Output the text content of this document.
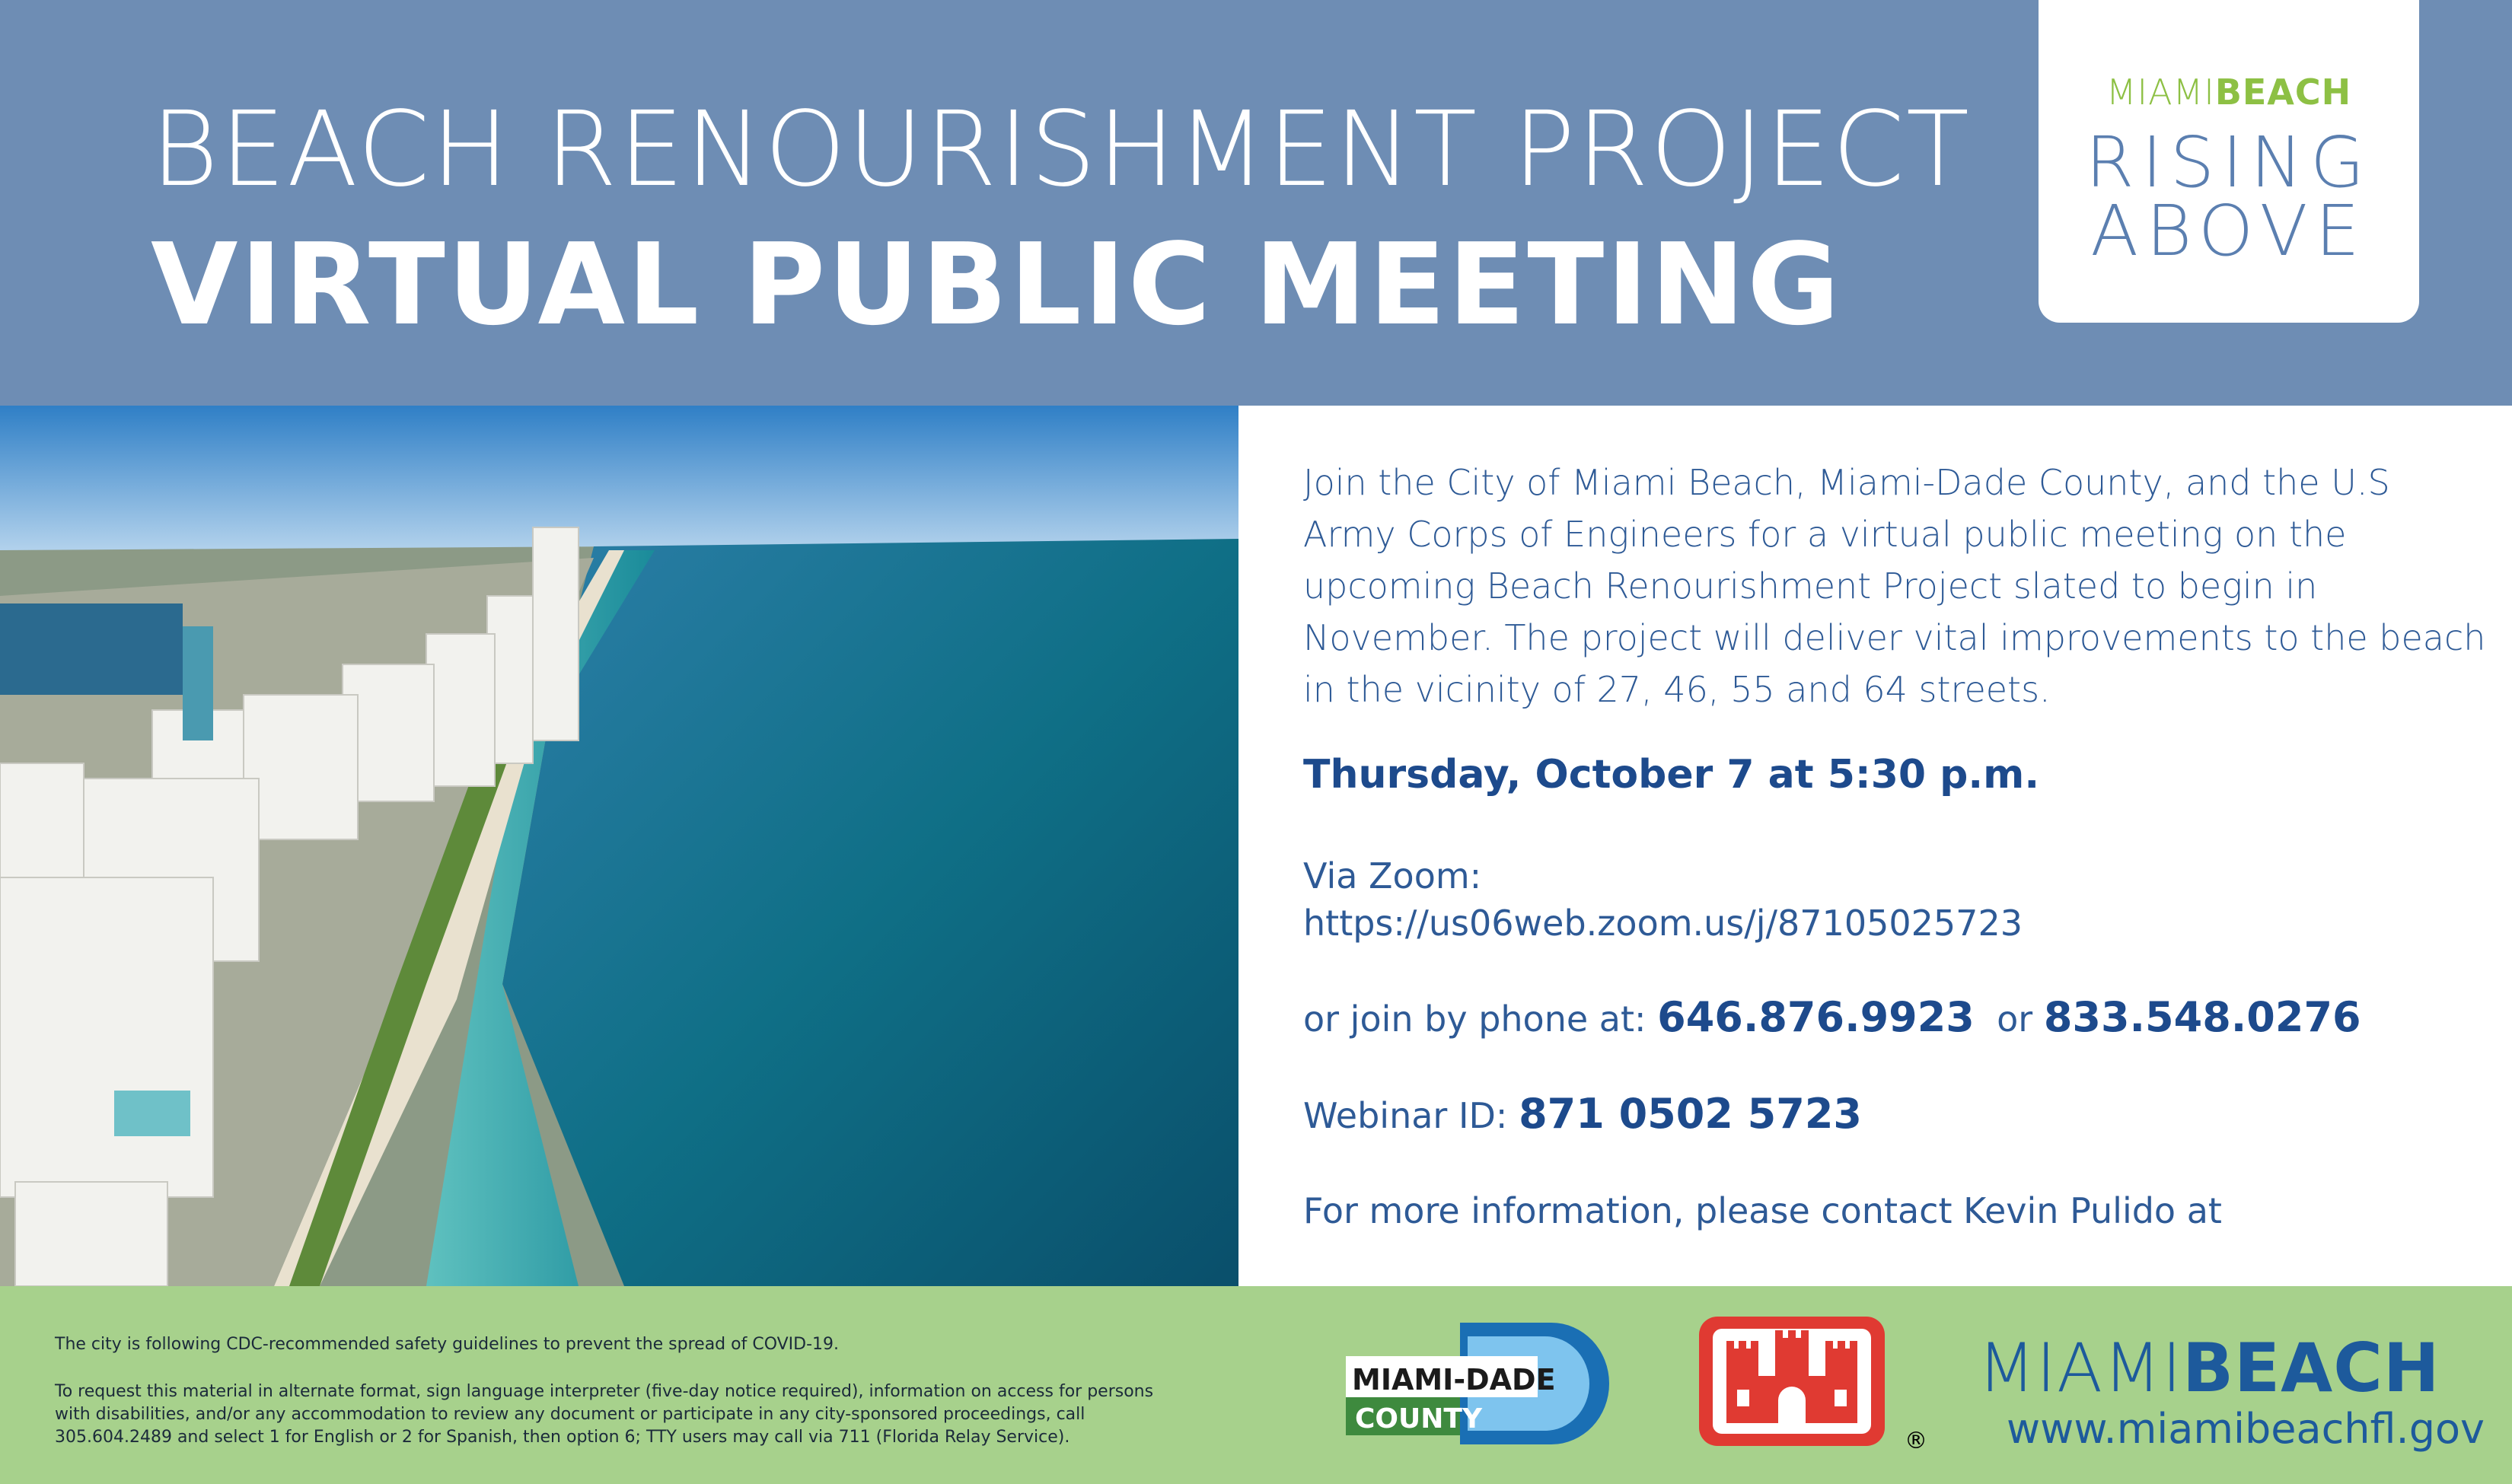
BEACH RENOURISHMENT PROJECT
VIRTUAL PUBLIC MEETING
MIAMIBEACH
RISING
ABOVE

Join the City of Miami Beach, Miami-Dade County, and the U.S Army Corps of Engineers for a virtual public meeting on the upcoming Beach Renourishment Project slated to begin in November. The project will deliver vital improvements to the beach in the vicinity of 27, 46, 55 and 64 streets.

Thursday, October 7 at 5:30 p.m.
Via Zoom:
https://us06web.zoom.us/j/87105025723
or join by phone at: 646.876.9923 or 833.548.0276
Webinar ID: 871 0502 5723
For more information, please contact Kevin Pulido at

The city is following CDC-recommended safety guidelines to prevent the spread of COVID-19.

To request this material in alternate format, sign language interpreter (five-day notice required), information on access for persons

with disabilities, and/or any accommodation to review any document or participate in any city-sponsored proceedings, call

305.604.2489 and select 1 for English or 2 for Spanish, then option 6; TTY users may call via 711 (Florida Relay Service).

MIAMI-DADE
COUNTY
®
MIAMIBEACH
www.miamibeachfl.gov
